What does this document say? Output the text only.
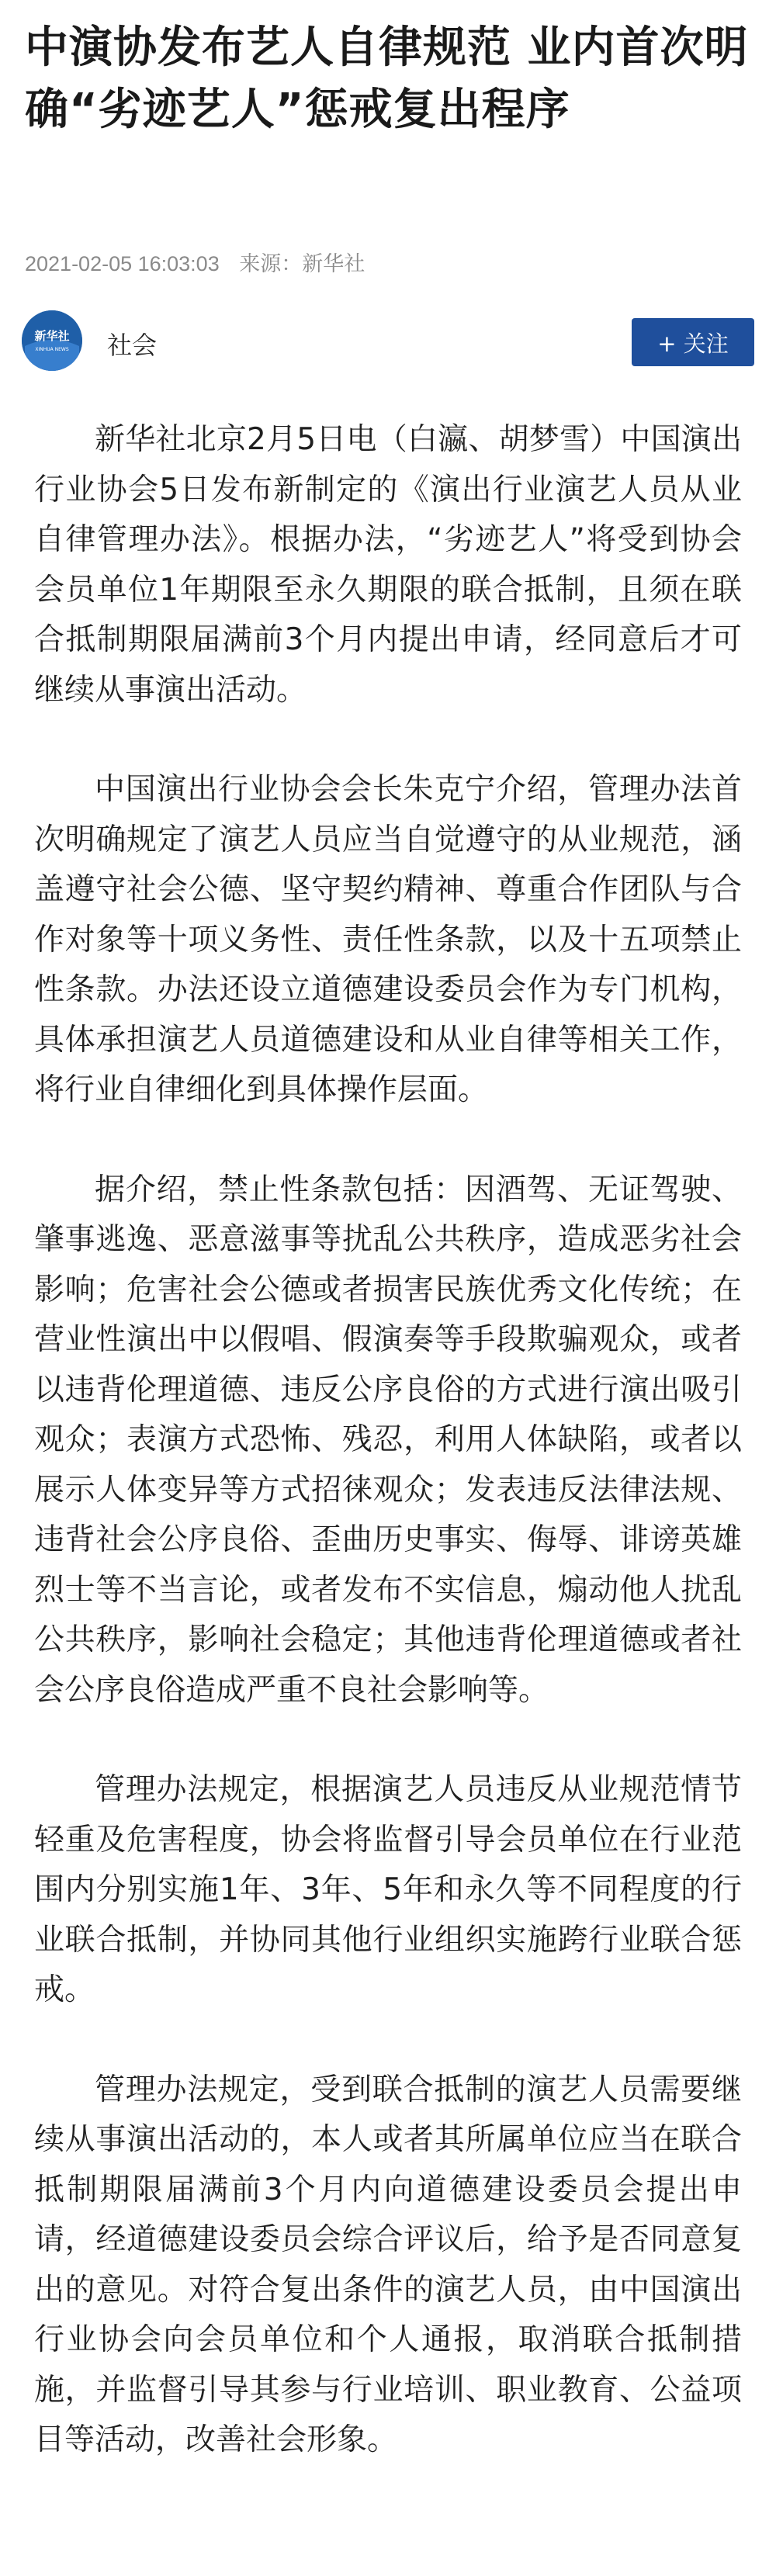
中演协发布艺人自律规范 业内首次明确“劣迹艺人”惩戒复出程序
2021-02-05 16:03:03 来源：新华社
新华社
XINHUA NEWS 社会	+ 关注

新华社北京2月5日电（白瀛、胡梦雪）中国演出行业协会5日发布新制定的《演出行业演艺人员从业自律管理办法》。根据办法，“劣迹艺人”将受到协会会员单位1年期限至永久期限的联合抵制，且须在联合抵制期限届满前3个月内提出申请，经同意后才可继续从事演出活动。

中国演出行业协会会长朱克宁介绍，管理办法首次明确规定了演艺人员应当自觉遵守的从业规范，涵盖遵守社会公德、坚守契约精神、尊重合作团队与合作对象等十项义务性、责任性条款，以及十五项禁止性条款。办法还设立道德建设委员会作为专门机构，具体承担演艺人员道德建设和从业自律等相关工作，将行业自律细化到具体操作层面。

据介绍，禁止性条款包括：因酒驾、无证驾驶、肇事逃逸、恶意滋事等扰乱公共秩序，造成恶劣社会影响；危害社会公德或者损害民族优秀文化传统；在营业性演出中以假唱、假演奏等手段欺骗观众，或者以违背伦理道德、违反公序良俗的方式进行演出吸引观众；表演方式恐怖、残忍，利用人体缺陷，或者以展示人体变异等方式招徕观众；发表违反法律法规、违背社会公序良俗、歪曲历史事实、侮辱、诽谤英雄烈士等不当言论，或者发布不实信息，煽动他人扰乱公共秩序，影响社会稳定；其他违背伦理道德或者社会公序良俗造成严重不良社会影响等。

管理办法规定，根据演艺人员违反从业规范情节轻重及危害程度，协会将监督引导会员单位在行业范围内分别实施1年、3年、5年和永久等不同程度的行业联合抵制，并协同其他行业组织实施跨行业联合惩戒。

管理办法规定，受到联合抵制的演艺人员需要继续从事演出活动的，本人或者其所属单位应当在联合抵制期限届满前3个月内向道德建设委员会提出申请，经道德建设委员会综合评议后，给予是否同意复出的意见。对符合复出条件的演艺人员，由中国演出行业协会向会员单位和个人通报，取消联合抵制措施，并监督引导其参与行业培训、职业教育、公益项目等活动，改善社会形象。
